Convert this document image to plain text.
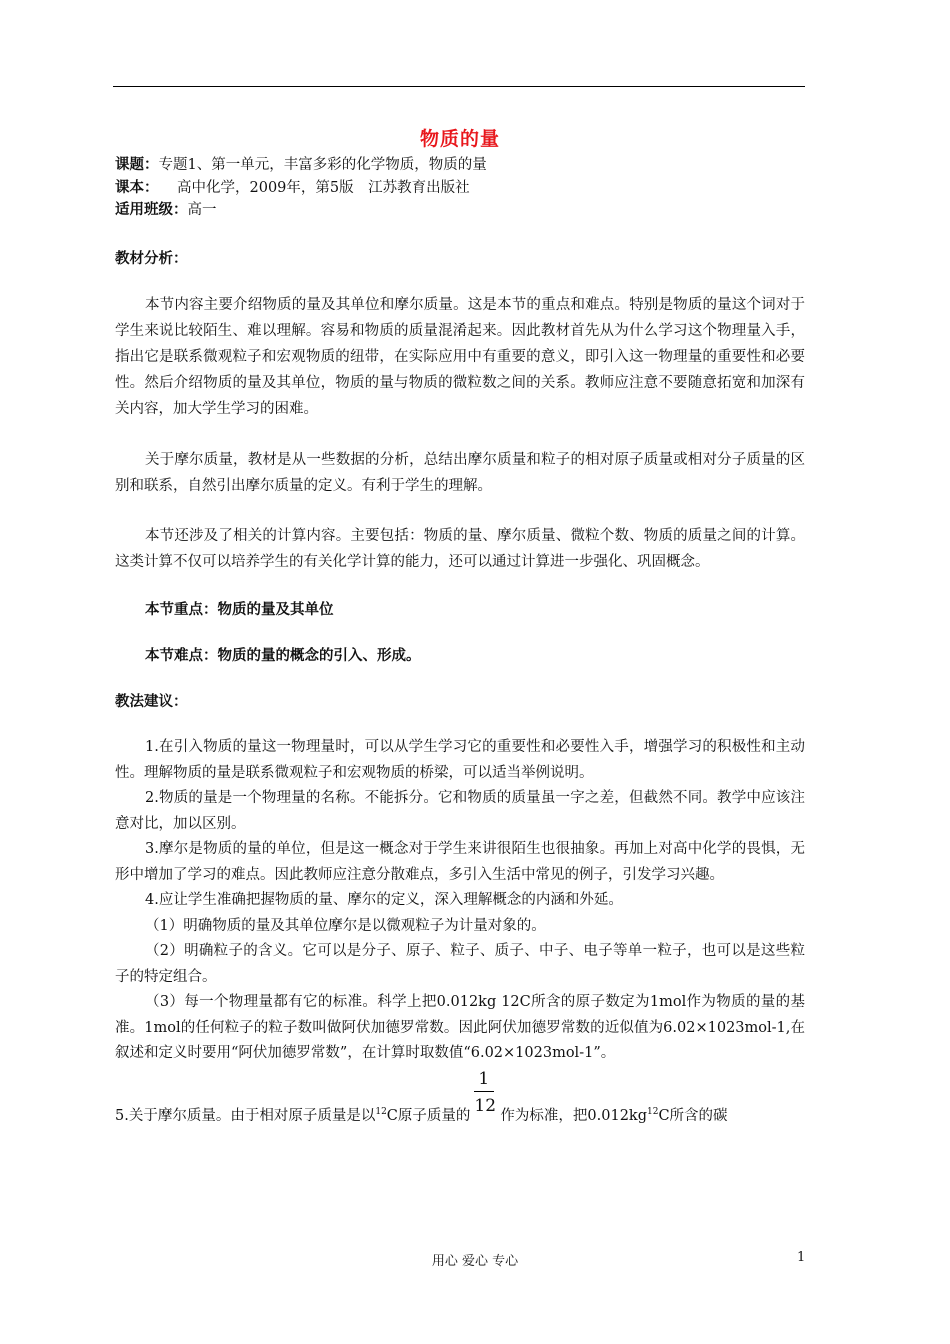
物质的量
课题：专题1、第一单元，丰富多彩的化学物质，物质的量
课本： 高中化学，2009年，第5版　江苏教育出版社
适用班级：高一
教材分析：
本节内容主要介绍物质的量及其单位和摩尔质量。这是本节的重点和难点。特别是物质的量这个词对于学生来说比较陌生、难以理解。容易和物质的质量混淆起来。因此教材首先从为什么学习这个物理量入手，指出它是联系微观粒子和宏观物质的纽带，在实际应用中有重要的意义，即引入这一物理量的重要性和必要性。然后介绍物质的量及其单位，物质的量与物质的微粒数之间的关系。教师应注意不要随意拓宽和加深有关内容，加大学生学习的困难。
关于摩尔质量，教材是从一些数据的分析，总结出摩尔质量和粒子的相对原子质量或相对分子质量的区别和联系，自然引出摩尔质量的定义。有利于学生的理解。
本节还涉及了相关的计算内容。主要包括：物质的量、摩尔质量、微粒个数、物质的质量之间的计算。这类计算不仅可以培养学生的有关化学计算的能力，还可以通过计算进一步强化、巩固概念。
本节重点：物质的量及其单位
本节难点：物质的量的概念的引入、形成。
教法建议：
1.在引入物质的量这一物理量时，可以从学生学习它的重要性和必要性入手，增强学习的积极性和主动性。理解物质的量是联系微观粒子和宏观物质的桥梁，可以适当举例说明。
2.物质的量是一个物理量的名称。不能拆分。它和物质的质量虽一字之差，但截然不同。教学中应该注意对比，加以区别。
3.摩尔是物质的量的单位，但是这一概念对于学生来讲很陌生也很抽象。再加上对高中化学的畏惧，无形中增加了学习的难点。因此教师应注意分散难点，多引入生活中常见的例子，引发学习兴趣。
4.应让学生准确把握物质的量、摩尔的定义，深入理解概念的内涵和外延。
（1）明确物质的量及其单位摩尔是以微观粒子为计量对象的。
（2）明确粒子的含义。它可以是分子、原子、粒子、质子、中子、电子等单一粒子，也可以是这些粒子的特定组合。
（3）每一个物理量都有它的标准。科学上把0.012kg 12C所含的原子数定为1mol作为物质的量的基准。1mol的任何粒子的粒子数叫做阿伏加德罗常数。因此阿伏加德罗常数的近似值为6.02×1023mol-1,在叙述和定义时要用“阿伏加德罗常数”，在计算时取数值“6.02×1023mol-1”。
5.关于摩尔质量。由于相对原子质量是以$^{12}$C原子质量的 $\frac{1}{12}$ 作为标准，把$0.012kg^{12}C$所含的碳
用心 爱心 专心	1
